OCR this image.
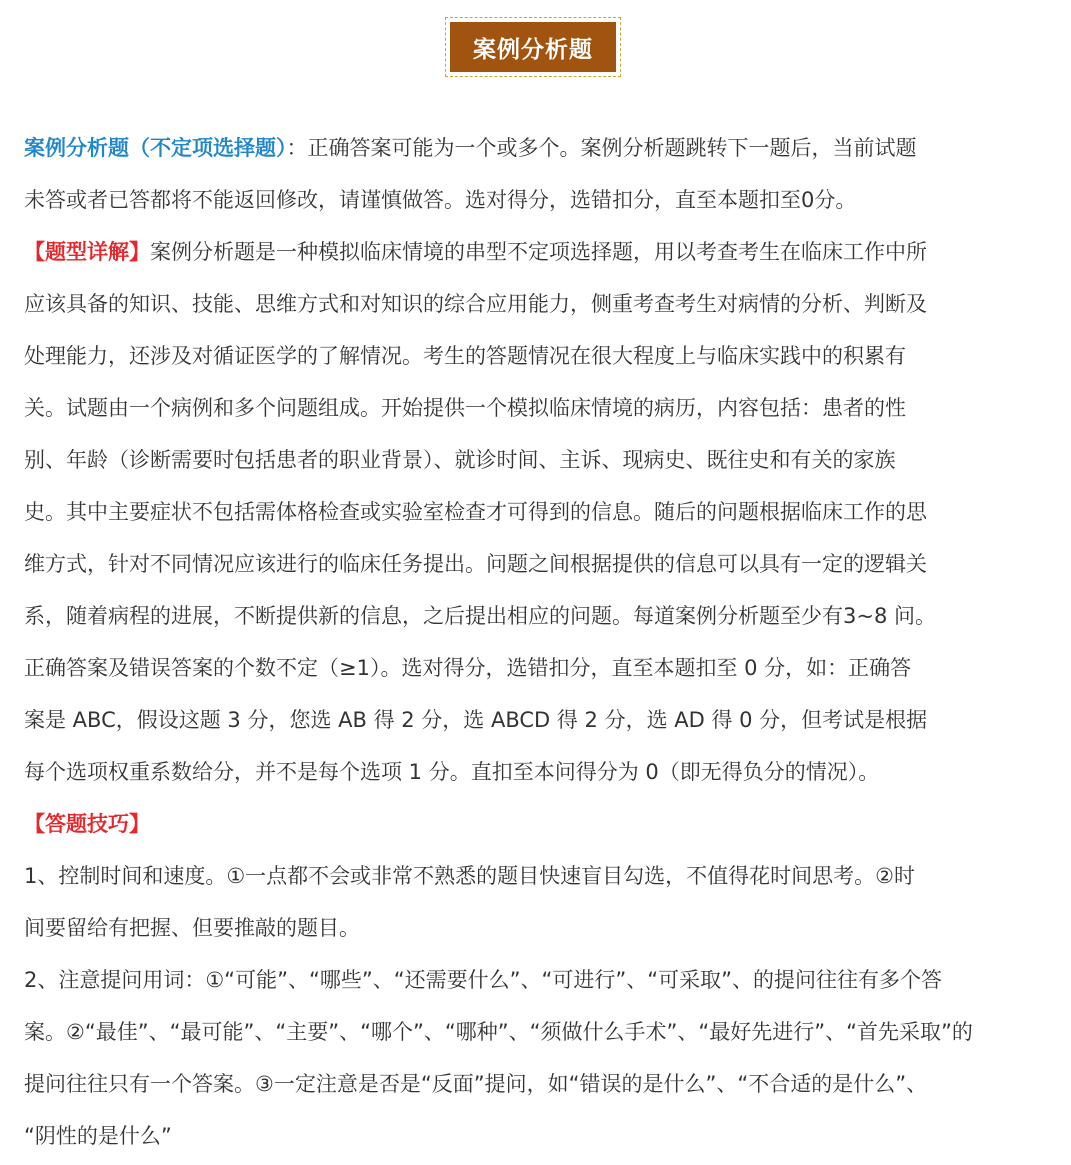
案例分析题
案例分析题（不定项选择题）：正确答案可能为一个或多个。案例分析题跳转下一题后，当前试题
未答或者已答都将不能返回修改，请谨慎做答。选对得分，选错扣分，直至本题扣至0分。
【题型详解】案例分析题是一种模拟临床情境的串型不定项选择题，用以考查考生在临床工作中所
应该具备的知识、技能、思维方式和对知识的综合应用能力，侧重考查考生对病情的分析、判断及
处理能力，还涉及对循证医学的了解情况。考生的答题情况在很大程度上与临床实践中的积累有
关。试题由一个病例和多个问题组成。开始提供一个模拟临床情境的病历，内容包括：患者的性
别、年龄（诊断需要时包括患者的职业背景）、就诊时间、主诉、现病史、既往史和有关的家族
史。其中主要症状不包括需体格检查或实验室检查才可得到的信息。随后的问题根据临床工作的思
维方式，针对不同情况应该进行的临床任务提出。问题之间根据提供的信息可以具有一定的逻辑关
系，随着病程的进展，不断提供新的信息，之后提出相应的问题。每道案例分析题至少有3~8 问。
正确答案及错误答案的个数不定（≥1）。选对得分，选错扣分，直至本题扣至 0 分，如：正确答
案是 ABC，假设这题 3 分，您选 AB 得 2 分，选 ABCD 得 2 分，选 AD 得 0 分，但考试是根据
每个选项权重系数给分，并不是每个选项 1 分。直扣至本问得分为 0（即无得负分的情况）。
【答题技巧】
1、控制时间和速度。①一点都不会或非常不熟悉的题目快速盲目勾选，不值得花时间思考。②时
间要留给有把握、但要推敲的题目。
2、注意提问用词：①“可能”、“哪些”、“还需要什么”、“可进行”、“可采取”、的提问往往有多个答
案。②“最佳”、“最可能”、“主要”、“哪个”、“哪种”、“须做什么手术”、“最好先进行”、“首先采取”的
提问往往只有一个答案。③一定注意是否是“反面”提问，如“错误的是什么”、“不合适的是什么”、
“阴性的是什么”
